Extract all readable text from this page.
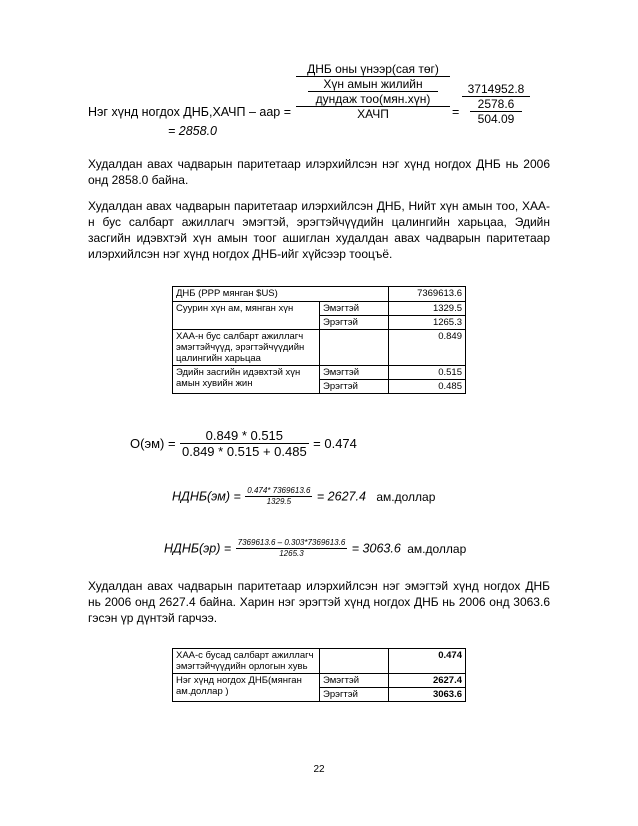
Нэг хүнд ногдох ДНБ,ХАЧП – аар =
ДНБ оны үнээр(сая төг)
Хүн амын жилийн
дундаж тоо(мян.хүн)
ХАЧП	=
3714952.8
2578.6
504.09
= 2858.0
Худалдан авах чадварын паритетаар илэрхийлсэн нэг хүнд ногдох ДНБ нь 2006 онд 2858.0 байна.
Худалдан авах чадварын паритетаар илэрхийлсэн ДНБ, Нийт хүн амын тоо, ХАА-н бус салбарт ажиллагч эмэгтэй, эрэгтэйчүүдийн цалингийн харьцаа, Эдийн засгийн идэвхтэй хүн амын тоог ашиглан худалдан авах чадварын паритетаар илэрхийлсэн нэг хүнд ногдох ДНБ-ийг хүйсээр тооцъё.
ДНБ (PPP мянган $US)		7369613.6
Суурин хүн ам, мянган хүн	Эмэгтэй	1329.5
	Эрэгтэй	1265.3
ХАА-н бус салбарт ажиллагч эмэгтэйчүүд, эрэгтэйчүүдийн цалингийн харьцаа		0.849
Эдийн засгийн идэвхтэй хүн амын хувийн жин	Эмэгтэй	0.515
	Эрэгтэй	0.485
$О(эм) = \frac{0.849 * 0.515}{0.849 * 0.515 + 0.485} = 0.474$
НДНБ(эм) = $\frac{0.474* 7369613.6}{1329.5} = 2627.4$ ам.доллар
НДНБ(эр) = $\frac{7369613.6 - 0.303*7369613.6}{1265.3} = 3063.6$ ам.доллар
Худалдан авах чадварын паритетаар илэрхийлсэн нэг эмэгтэй хүнд ногдох ДНБ нь 2006 онд 2627.4 байна. Харин нэг эрэгтэй хүнд ногдох ДНБ нь 2006 онд 3063.6 гэсэн үр дүнтэй гарчээ.
ХАА-с бусад салбарт ажиллагч эмэгтэйчүүдийн орлогын хувь		0.474
Нэг хүнд ногдох ДНБ(мянган ам.доллар )	Эмэгтэй	2627.4
	Эрэгтэй	3063.6
22
